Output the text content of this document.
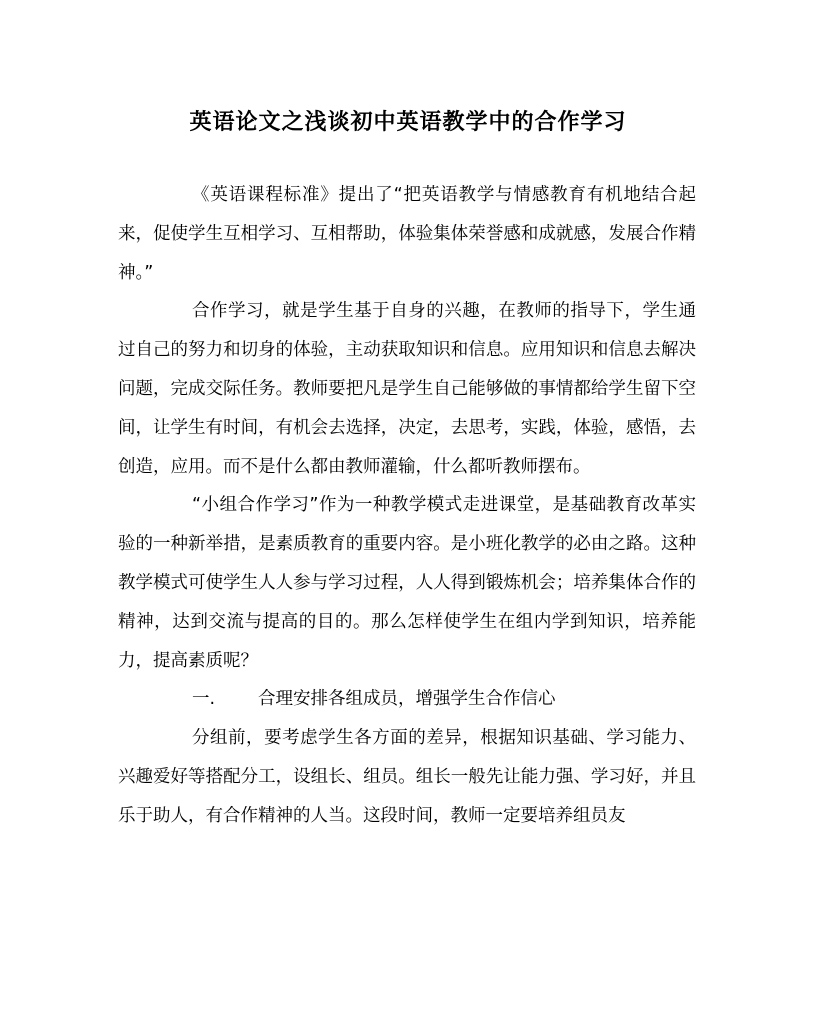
英语论文之浅谈初中英语教学中的合作学习

《英语课程标准》提出了“把英语教学与情感教育有机地结合起来，促使学生互相学习、互相帮助，体验集体荣誉感和成就感，发展合作精神。”

合作学习，就是学生基于自身的兴趣，在教师的指导下，学生通过自己的努力和切身的体验，主动获取知识和信息。应用知识和信息去解决问题，完成交际任务。教师要把凡是学生自己能够做的事情都给学生留下空间，让学生有时间，有机会去选择，决定，去思考，实践，体验，感悟，去创造，应用。而不是什么都由教师灌输，什么都听教师摆布。

“小组合作学习”作为一种教学模式走进课堂，是基础教育改革实验的一种新举措，是素质教育的重要内容。是小班化教学的必由之路。这种教学模式可使学生人人参与学习过程，人人得到锻炼机会；培养集体合作的精神，达到交流与提高的目的。那么怎样使学生在组内学到知识，培养能力，提高素质呢？

一. 合理安排各组成员，增强学生合作信心

分组前，要考虑学生各方面的差异，根据知识基础、学习能力、兴趣爱好等搭配分工，设组长、组员。组长一般先让能力强、学习好，并且乐于助人，有合作精神的人当。这段时间，教师一定要培养组员友
